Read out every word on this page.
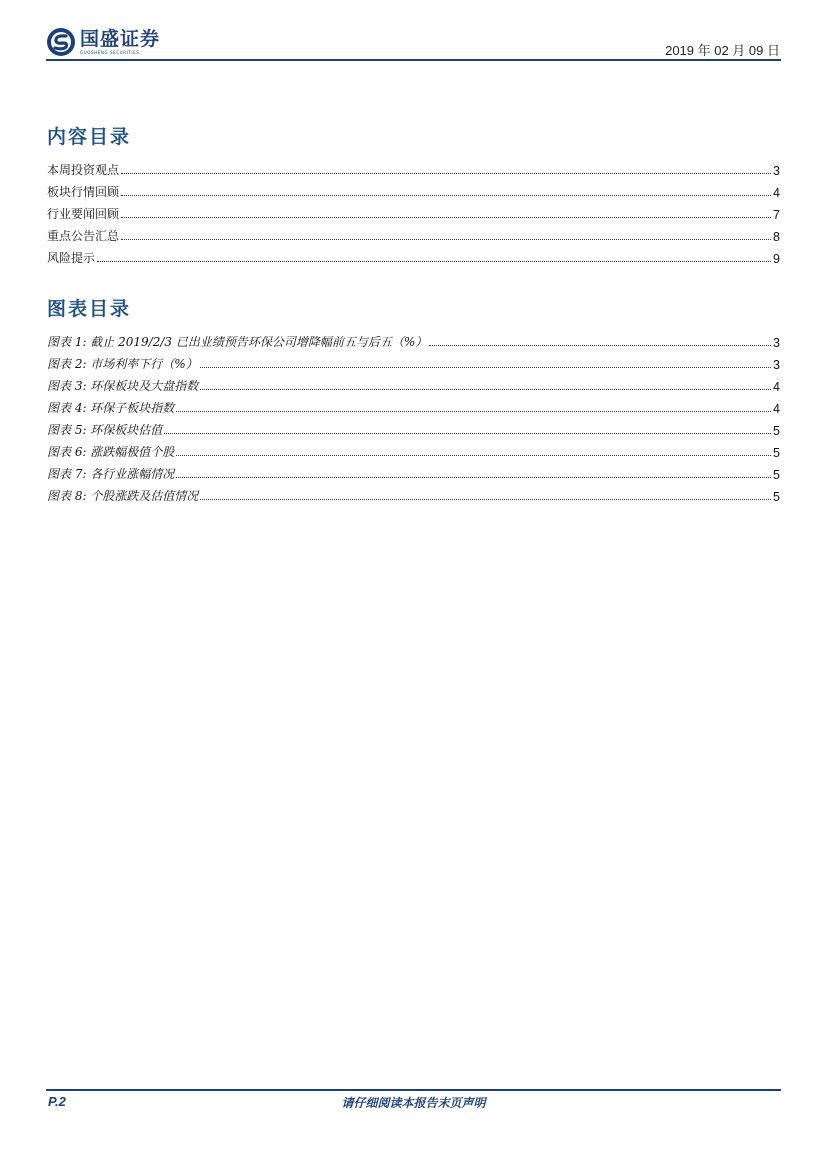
国盛证券
GUOSHENG SECURITIES	2019 年 02 月 09 日
内容目录
本周投资观点	3
板块行情回顾	4
行业要闻回顾	7
重点公告汇总	8
风险提示	9
图表目录
图表 1: 截止 2019/2/3 已出业绩预告环保公司增降幅前五与后五（%）	3
图表 2: 市场利率下行（%）	3
图表 3: 环保板块及大盘指数	4
图表 4: 环保子板块指数	4
图表 5: 环保板块估值	5
图表 6: 涨跌幅极值个股	5
图表 7: 各行业涨幅情况	5
图表 8: 个股涨跌及估值情况	5
P.2	请仔细阅读本报告末页声明
